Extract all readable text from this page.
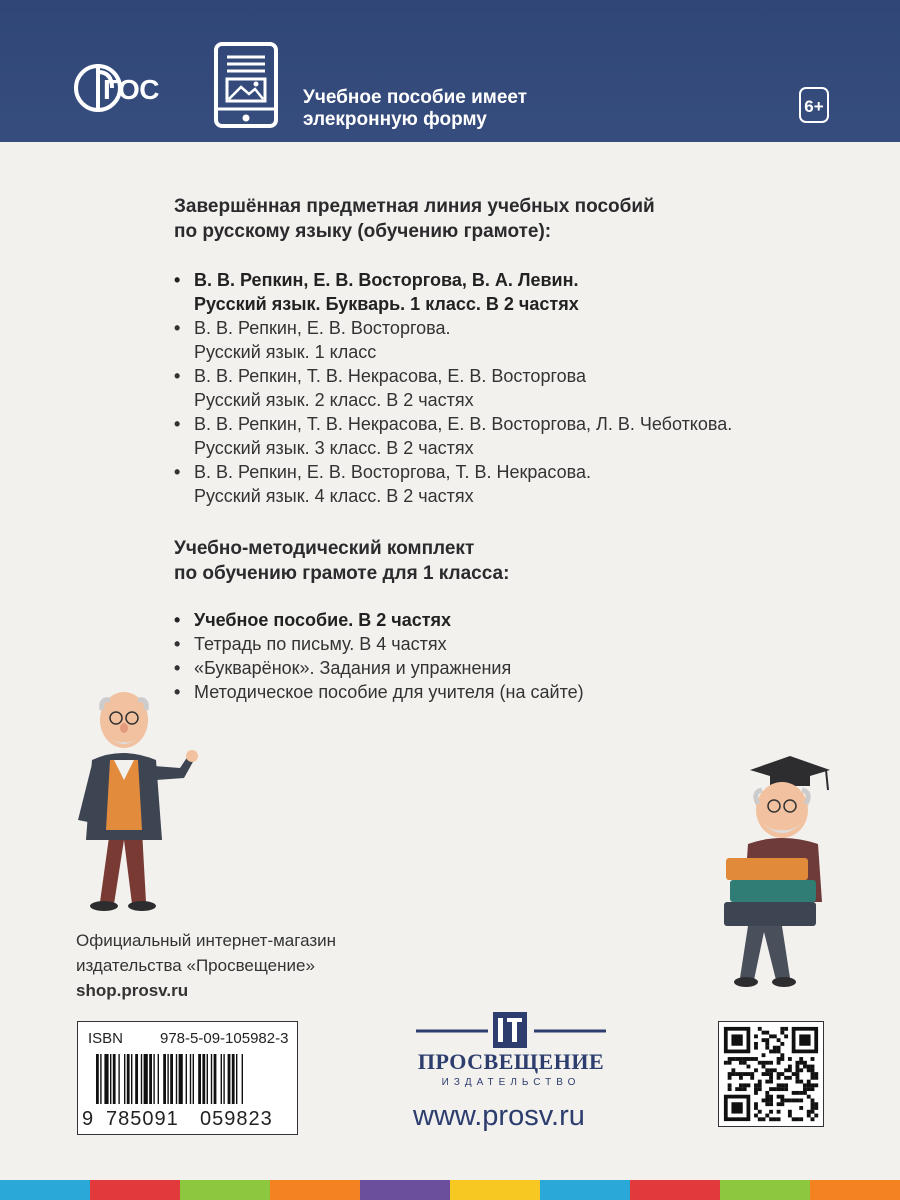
ГОС	Учебное пособие имеет
элекронную форму
6+
Завершённая предметная линия учебных пособий
по русскому языку (обучению грамоте):
• В. В. Репкин, Е. В. Восторгова, В. А. Левин.
Русский язык. Букварь. 1 класс. В 2 частях
• В. В. Репкин, Е. В. Восторгова.
Русский язык. 1 класс
• В. В. Репкин, Т. В. Некрасова, Е. В. Восторгова
Русский язык. 2 класс. В 2 частях
• В. В. Репкин, Т. В. Некрасова, Е. В. Восторгова, Л. В. Чеботкова.
Русский язык. 3 класс. В 2 частях
• В. В. Репкин, Е. В. Восторгова, Т. В. Некрасова.
Русский язык. 4 класс. В 2 частях
Учебно-методический комплект
по обучению грамоте для 1 класса:
• Учебное пособие. В 2 частях
• Тетрадь по письму. В 4 частях
• «Букварёнок». Задания и упражнения
• Методическое пособие для учителя (на сайте)
Официальный интернет-магазин
издательства «Просвещение»
shop.prosv.ru
ISBN 978-5-09-105982-3
9 785091 059823
ПРОСВЕЩЕНИЕ
ИЗДАТЕЛЬСТВО
www.prosv.ru
